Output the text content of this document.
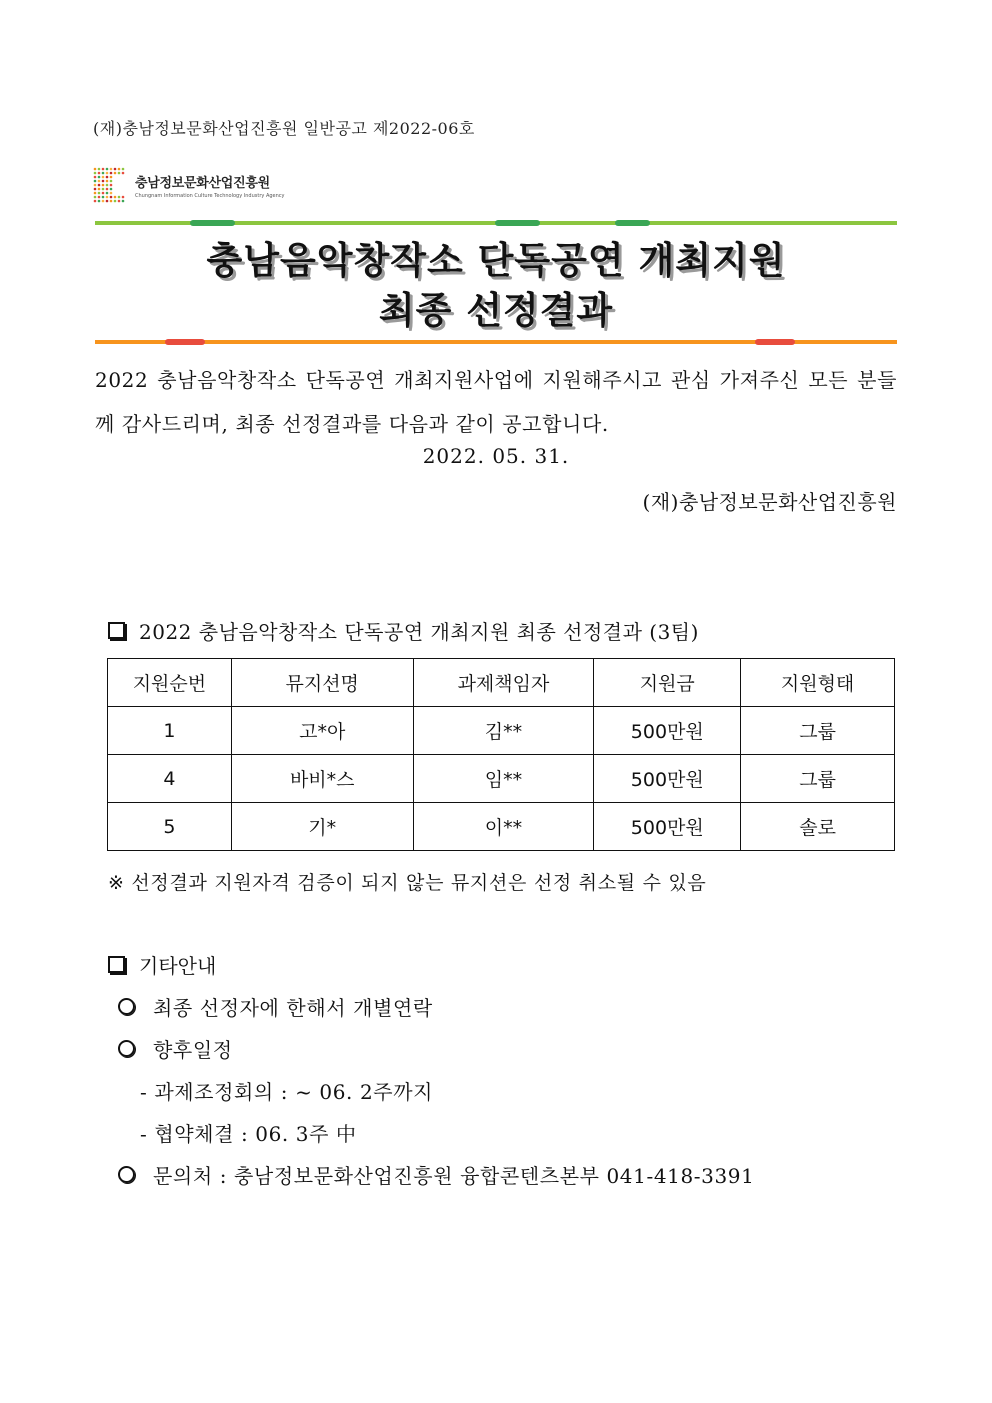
(재)충남정보문화산업진흥원 일반공고 제2022-06호
충남정보문화산업진흥원
Chungnam Information Culture Technology Industry Agency
충남음악창작소 단독공연 개최지원
최종 선정결과
2022 충남음악창작소 단독공연 개최지원사업에 지원해주시고 관심 가져주신 모든 분들께 감사드리며, 최종 선정결과를 다음과 같이 공고합니다.
2022. 05. 31.
(재)충남정보문화산업진흥원
2022 충남음악창작소 단독공연 개최지원 최종 선정결과 (3팀)
지원순번	뮤지션명	과제책임자	지원금	지원형태
1	고*아	김**	500만원	그룹
4	바비*스	임**	500만원	그룹
5	기*	이**	500만원	솔로
※ 선정결과 지원자격 검증이 되지 않는 뮤지션은 선정 취소될 수 있음
기타안내
최종 선정자에 한해서 개별연락
향후일정
- 과제조정회의 : ~ 06. 2주까지
- 협약체결 : 06. 3주 中
문의처 : 충남정보문화산업진흥원 융합콘텐츠본부 041-418-3391
